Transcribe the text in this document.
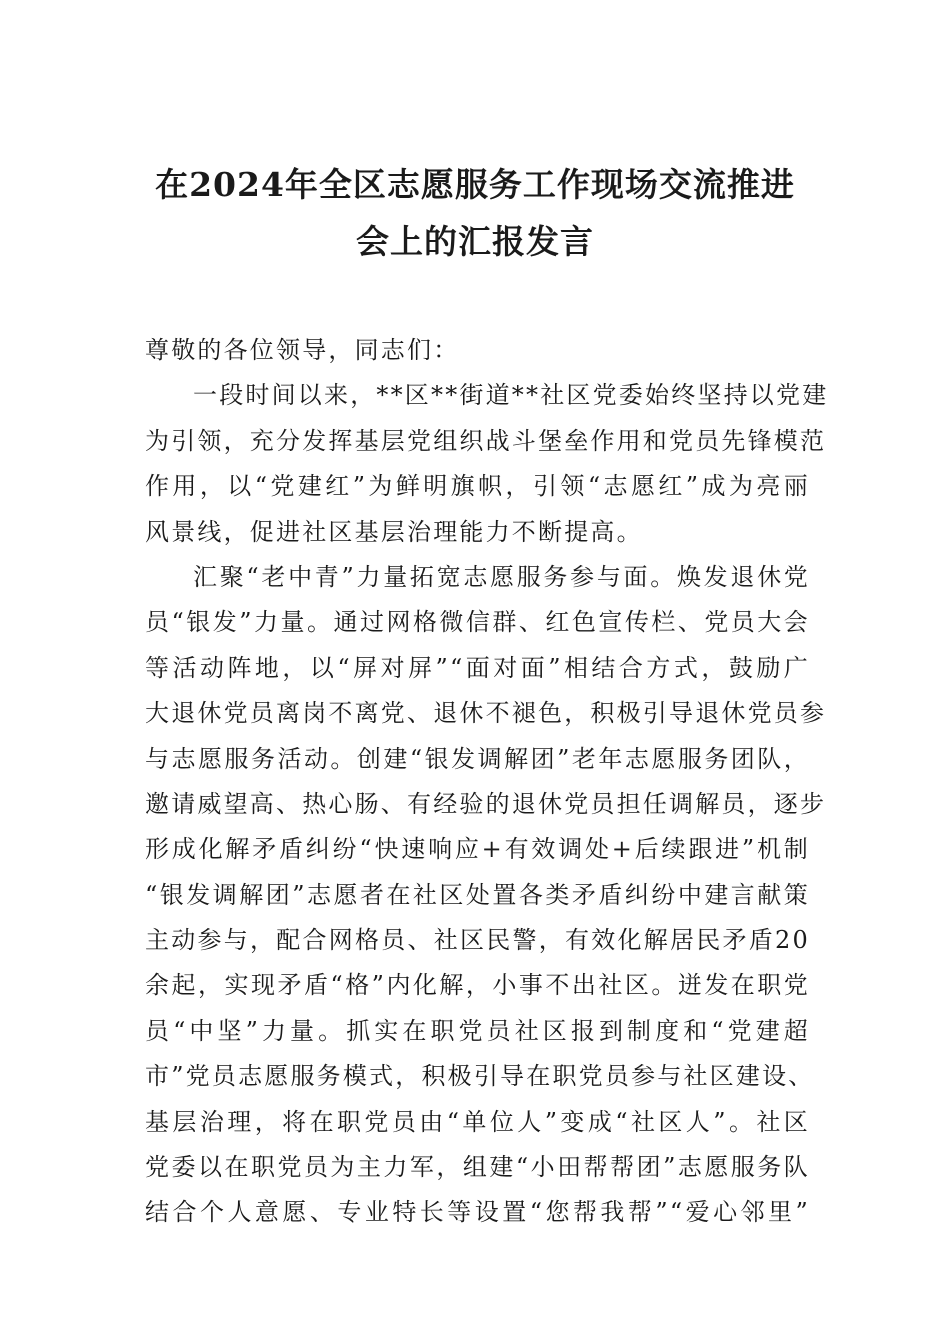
在2024年全区志愿服务工作现场交流推进
会上的汇报发言
尊敬的各位领导，同志们：
一段时间以来，**区**街道**社区党委始终坚持以党建
为引领，充分发挥基层党组织战斗堡垒作用和党员先锋模范
作用，以“党建红”为鲜明旗帜，引领“志愿红”成为亮丽
风景线，促进社区基层治理能力不断提高。
汇聚“老中青”力量拓宽志愿服务参与面。焕发退休党
员“银发”力量。通过网格微信群、红色宣传栏、党员大会
等活动阵地，以“屏对屏”“面对面”相结合方式，鼓励广
大退休党员离岗不离党、退休不褪色，积极引导退休党员参
与志愿服务活动。创建“银发调解团”老年志愿服务团队，
邀请威望高、热心肠、有经验的退休党员担任调解员，逐步
形成化解矛盾纠纷“快速响应+有效调处+后续跟进”机制
“银发调解团”志愿者在社区处置各类矛盾纠纷中建言献策
主动参与，配合网格员、社区民警，有效化解居民矛盾20
余起，实现矛盾“格”内化解，小事不出社区。迸发在职党
员“中坚”力量。抓实在职党员社区报到制度和“党建超
市”党员志愿服务模式，积极引导在职党员参与社区建设、
基层治理，将在职党员由“单位人”变成“社区人”。社区
党委以在职党员为主力军，组建“小田帮帮团”志愿服务队
结合个人意愿、专业特长等设置“您帮我帮”“爱心邻里”
